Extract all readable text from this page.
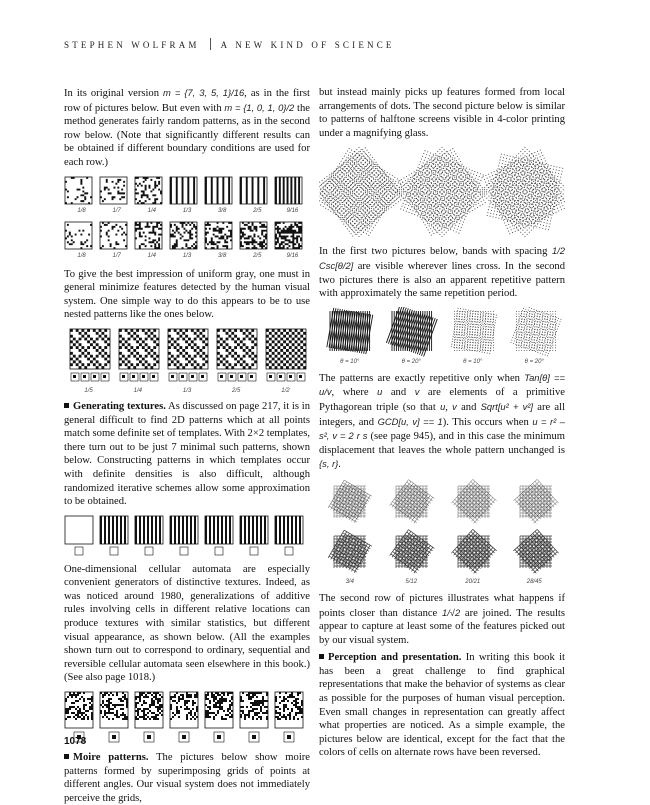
STEPHEN WOLFRAM A NEW KIND OF SCIENCE

In its original version m = {7, 3, 5, 1}/16, as in the first row of pictures below. But even with m = {1, 0, 1, 0}/2 the method generates fairly random patterns, as in the second row below. (Note that significantly different results can be obtained if different boundary conditions are used for each row.)

1/8	1/7	1/4	1/3	3/8	2/5	9/16
1/8	1/7	1/4	1/3	3/8	2/5	9/16

To give the best impression of uniform gray, one must in general minimize features detected by the human visual system. One simple way to do this appears to be to use nested patterns like the ones below.

1/5	1/4	1/3	2/5	1/2

Generating textures. As discussed on page 217, it is in general difficult to find 2D patterns which at all points match some definite set of templates. With 2×2 templates, there turn out to be just 7 minimal such patterns, shown below. Constructing patterns in which templates occur with definite densities is also difficult, although randomized iterative schemes allow some approximation to be obtained.

One-dimensional cellular automata are especially convenient generators of distinctive textures. Indeed, as was noticed around 1980, generalizations of additive rules involving cells in different relative locations can produce textures with similar statistics, but different visual appearance, as shown below. (All the examples shown turn out to correspond to ordinary, sequential and reversible cellular automata seen elsewhere in this book.) (See also page 1018.)

Moire patterns. The pictures below show moire patterns formed by superimposing grids of points at different angles. Our visual system does not immediately perceive the grids,

but instead mainly picks up features formed from local arrangements of dots. The second picture below is similar to patterns of halftone screens visible in 4-color printing under a magnifying glass.

In the first two pictures below, bands with spacing 1/2 Csc[θ/2] are visible wherever lines cross. In the second two pictures there is also an apparent repetitive pattern with approximately the same repetition period.

θ = 10°	θ = 20°	θ = 10°	θ = 20°

The patterns are exactly repetitive only when Tan[θ] == u/v, where u and v are elements of a primitive Pythagorean triple (so that u, v and Sqrt[u² + v²] are all integers, and GCD[u, v] == 1). This occurs when u = r² – s², v = 2 r s (see page 945), and in this case the minimum displacement that leaves the whole pattern unchanged is {s, r}.

3/4	5/12	20/21	28/45

The second row of pictures illustrates what happens if points closer than distance 1/√2 are joined. The results appear to capture at least some of the features picked out by our visual system.

Perception and presentation. In writing this book it has been a great challenge to find graphical representations that make the behavior of systems as clear as possible for the purposes of human visual perception. Even small changes in representation can greatly affect what properties are noticed. As a simple example, the pictures below are identical, except for the fact that the colors of cells on alternate rows have been reversed.

1078
